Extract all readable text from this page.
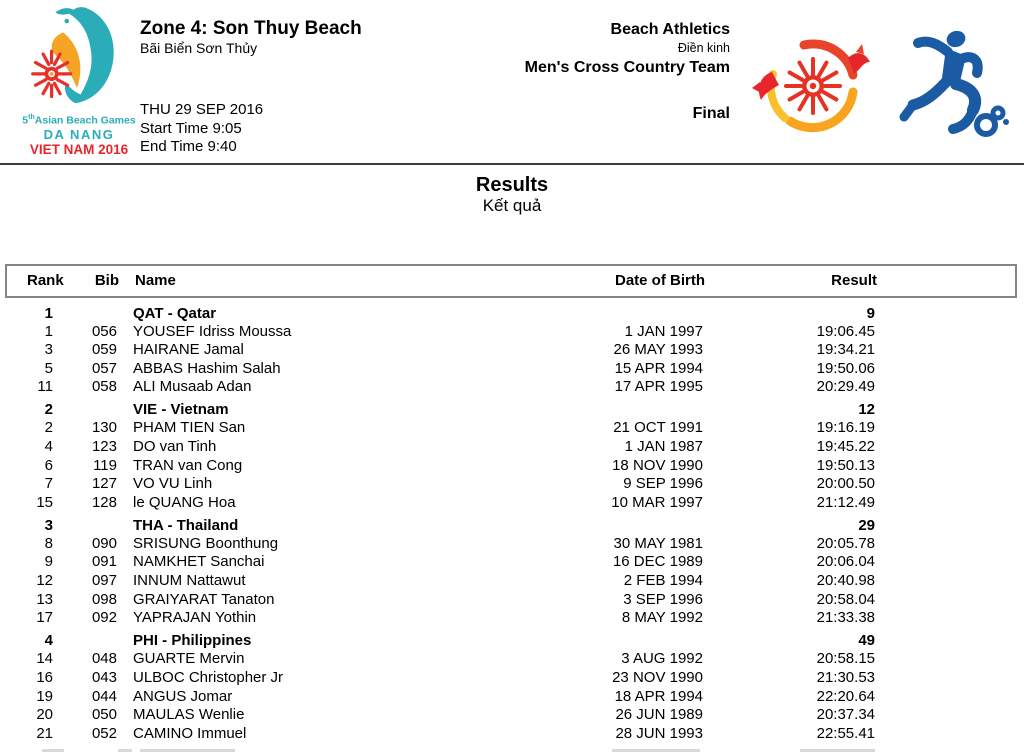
5thAsian Beach Games
DA NANG
VIET NAM 2016
Zone 4: Son Thuy Beach
Bãi Biển Sơn Thủy
THU 29 SEP 2016
Start Time 9:05
End Time 9:40
Beach Athletics
Điền kinh
Men's Cross Country Team
Final
Results
Kết quả
Rank	Bib Name	Date of Birth	Result
1	QAT - Qatar	9
1	056 YOUSEF Idriss Moussa	1 JAN 1997	19:06.45
3	059 HAIRANE Jamal	26 MAY 1993	19:34.21
5	057 ABBAS Hashim Salah	15 APR 1994	19:50.06
11	058 ALI Musaab Adan	17 APR 1995	20:29.49
2	VIE - Vietnam	12
2	130 PHAM TIEN San	21 OCT 1991	19:16.19
4	123 DO van Tinh	1 JAN 1987	19:45.22
6	119 TRAN van Cong	18 NOV 1990	19:50.13
7	127 VO VU Linh	9 SEP 1996	20:00.50
15	128 le QUANG Hoa	10 MAR 1997	21:12.49
3	THA - Thailand	29
8	090 SRISUNG Boonthung	30 MAY 1981	20:05.78
9	091 NAMKHET Sanchai	16 DEC 1989	20:06.04
12	097 INNUM Nattawut	2 FEB 1994	20:40.98
13	098 GRAIYARAT Tanaton	3 SEP 1996	20:58.04
17	092 YAPRAJAN Yothin	8 MAY 1992	21:33.38
4	PHI - Philippines	49
14	048 GUARTE Mervin	3 AUG 1992	20:58.15
16	043 ULBOC Christopher Jr	23 NOV 1990	21:30.53
19	044 ANGUS Jomar	18 APR 1994	22:20.64
20	050 MAULAS Wenlie	26 JUN 1989	20:37.34
21	052 CAMINO Immuel	28 JUN 1993	22:55.41
